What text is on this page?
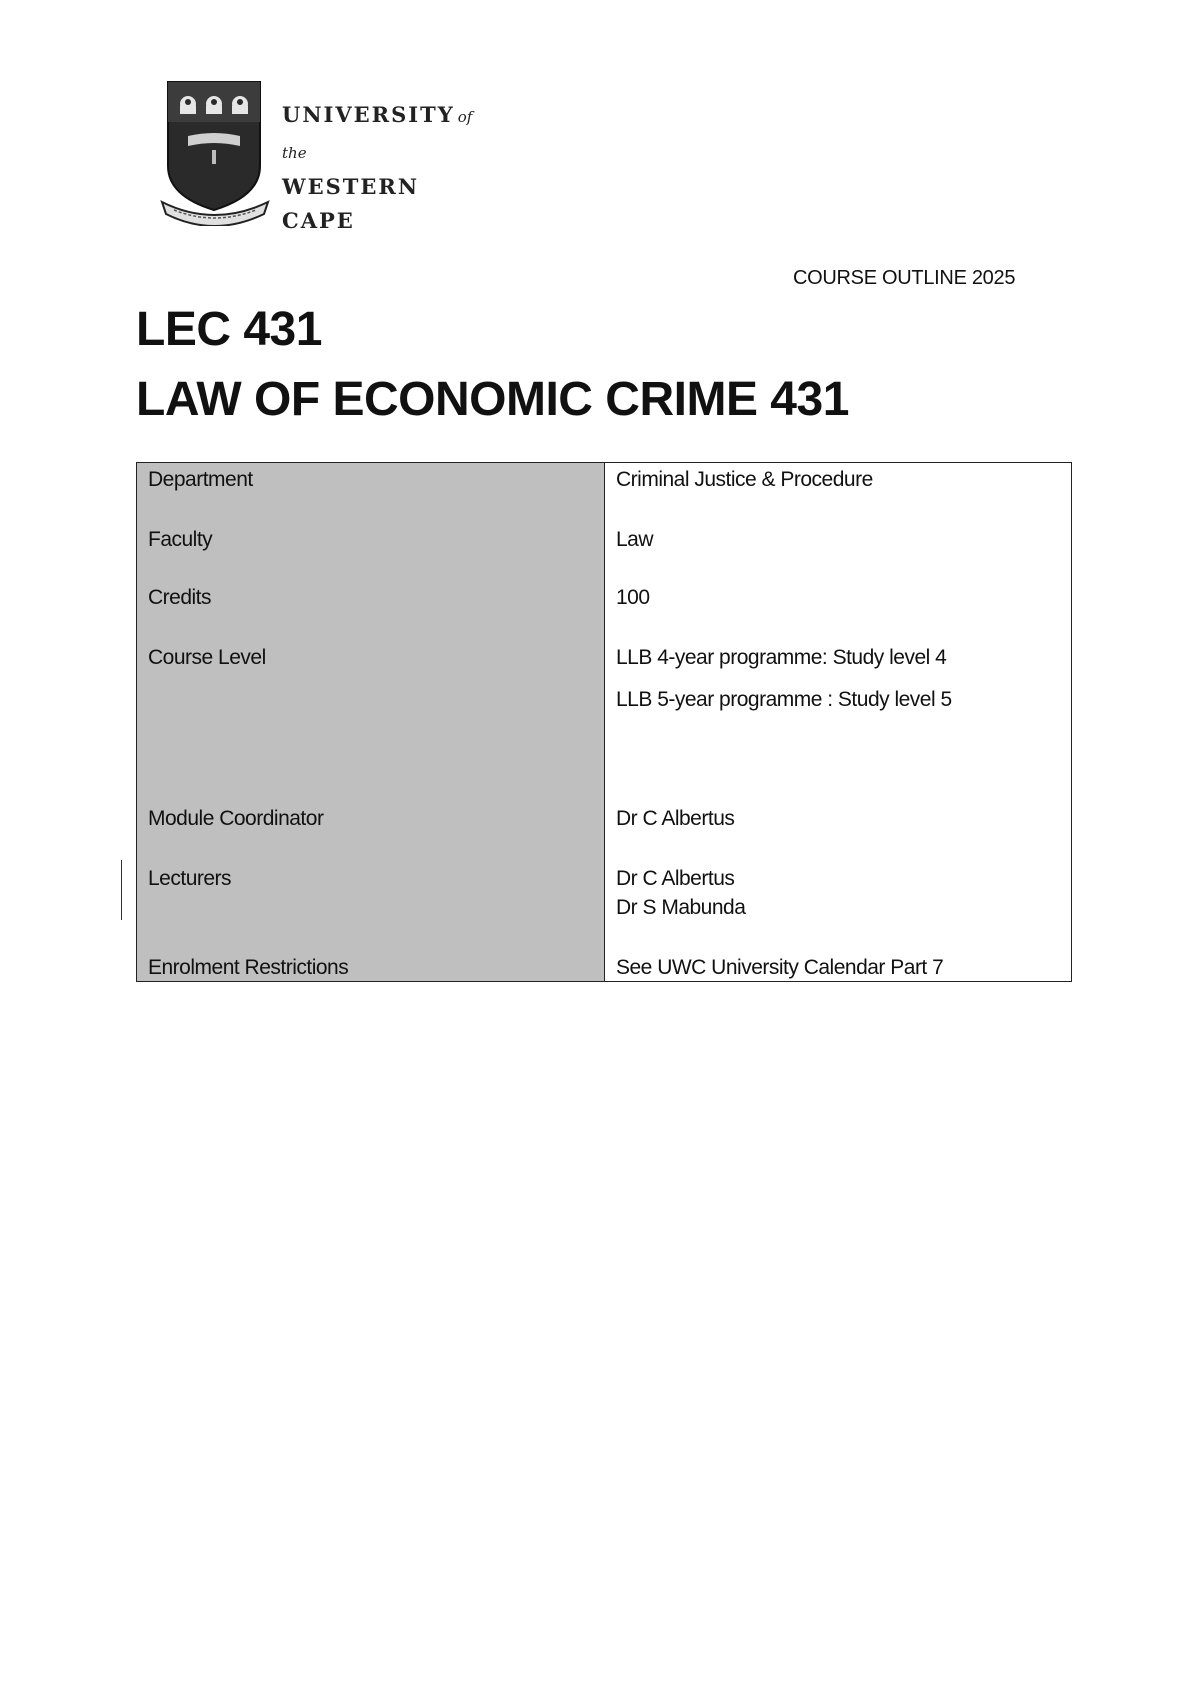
UNIVERSITY of the
WESTERN CAPE
COURSE OUTLINE 2025
LEC 431
LAW OF ECONOMIC CRIME 431
Department
Faculty
Credits
Course Level
Module Coordinator
Lecturers
Enrolment Restrictions
Criminal Justice & Procedure
Law
100
LLB 4-year programme: Study level 4
LLB 5-year programme : Study level 5
Dr C Albertus
Dr C Albertus
Dr S Mabunda
See UWC University Calendar Part 7
